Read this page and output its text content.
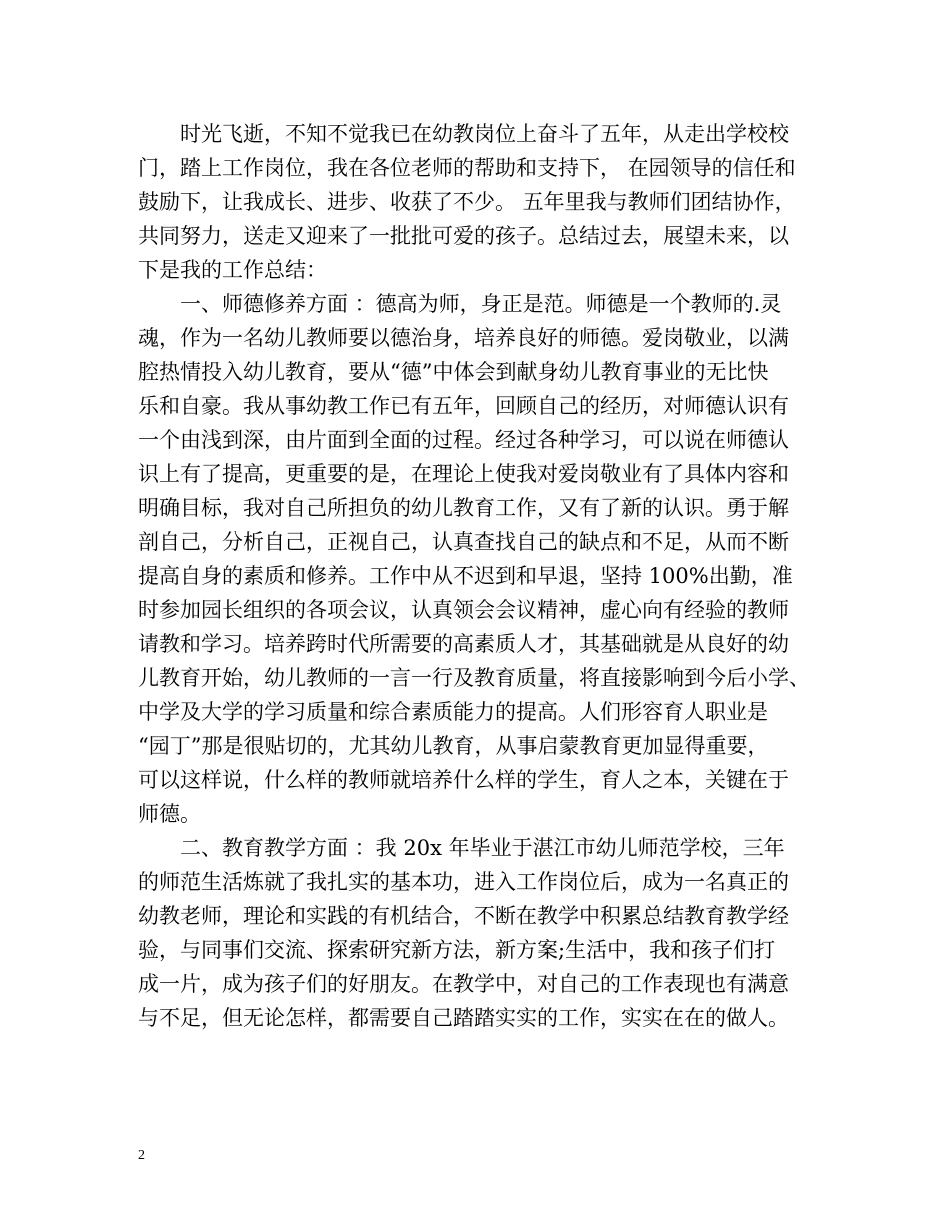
时光飞逝，不知不觉我已在幼教岗位上奋斗了五年，从走出学校校
门，踏上工作岗位，我在各位老师的帮助和支持下， 在园领导的信任和
鼓励下，让我成长、进步、收获了不少。 五年里我与教师们团结协作，
共同努力，送走又迎来了一批批可爱的孩子。总结过去，展望未来，以
下是我的工作总结：
一、师德修养方面 ：德高为师，身正是范。师德是一个教师的.灵
魂，作为一名幼儿教师要以德治身，培养良好的师德。爱岗敬业，以满
腔热情投入幼儿教育，要从“德”中体会到献身幼儿教育事业的无比快
乐和自豪。我从事幼教工作已有五年，回顾自己的经历，对师德认识有
一个由浅到深，由片面到全面的过程。经过各种学习，可以说在师德认
识上有了提高，更重要的是，在理论上使我对爱岗敬业有了具体内容和
明确目标，我对自己所担负的幼儿教育工作，又有了新的认识。勇于解
剖自己，分析自己，正视自己，认真查找自己的缺点和不足，从而不断
提高自身的素质和修养。工作中从不迟到和早退，坚持 100%出勤，准
时参加园长组织的各项会议，认真领会会议精神，虚心向有经验的教师
请教和学习。培养跨时代所需要的高素质人才，其基础就是从良好的幼
儿教育开始，幼儿教师的一言一行及教育质量，将直接影响到今后小学、
中学及大学的学习质量和综合素质能力的提高。人们形容育人职业是
“园丁”那是很贴切的，尤其幼儿教育，从事启蒙教育更加显得重要，
可以这样说，什么样的教师就培养什么样的学生，育人之本，关键在于
师德。
二、教育教学方面 ：我 20x 年毕业于湛江市幼儿师范学校，三年
的师范生活炼就了我扎实的基本功，进入工作岗位后，成为一名真正的
幼教老师，理论和实践的有机结合，不断在教学中积累总结教育教学经
验，与同事们交流、探索研究新方法，新方案;生活中，我和孩子们打
成一片，成为孩子们的好朋友。在教学中，对自己的工作表现也有满意
与不足，但无论怎样，都需要自己踏踏实实的工作，实实在在的做人。
2
